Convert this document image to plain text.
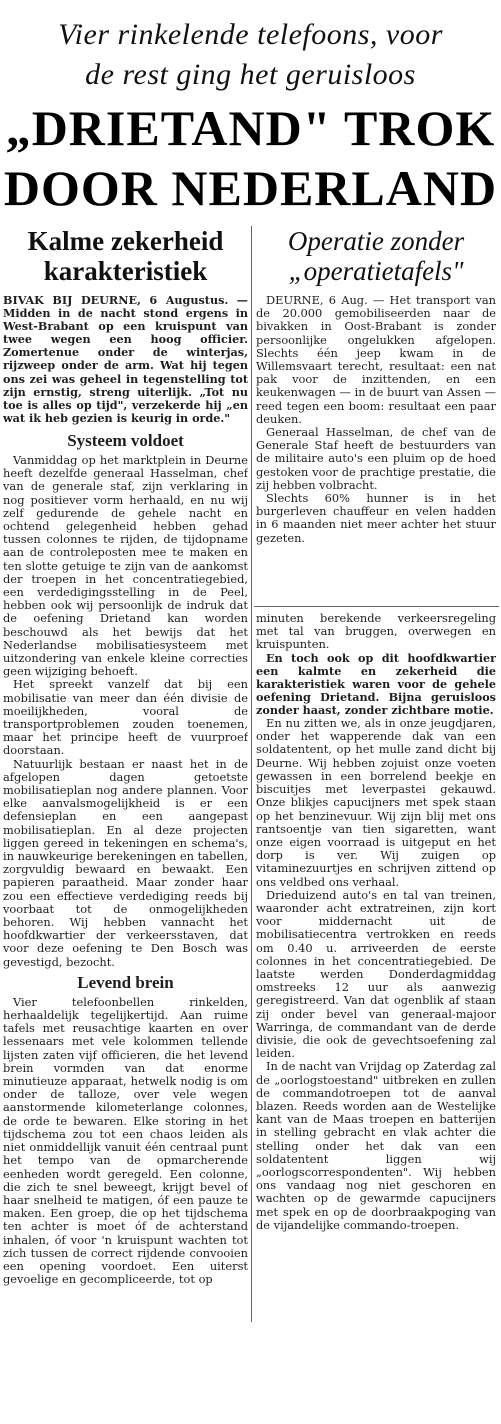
Vier rinkelende telefoons, voor
de rest ging het geruisloos
„DRIETAND" TROK
DOOR NEDERLAND
Kalme zekerheid karakteristiek
BIVAK BIJ DEURNE, 6 Augustus. — Midden in de nacht stond ergens in West-Brabant op een kruispunt van twee wegen een hoog officier. Zomertenue onder de winterjas, rijzweep onder de arm. Wat hij tegen ons zei was geheel in tegenstelling tot zijn ernstig, streng uiterlijk. „Tot nu toe is alles op tijd", verzekerde hij „en wat ik heb gezien is keurig in orde."
Systeem voldoet

Vanmiddag op het marktplein in Deurne heeft dezelfde generaal Hasselman, chef van de generale staf, zijn verklaring in nog positiever vorm herhaald, en nu wij zelf gedurende de gehele nacht en ochtend gelegenheid hebben gehad tussen colonnes te rijden, de tijdopname aan de controleposten mee te maken en ten slotte getuige te zijn van de aankomst der troepen in het concentratiegebied, een verdedigingsstelling in de Peel, hebben ook wij persoonlijk de indruk dat de oefening Drietand kan worden beschouwd als het bewijs dat het Nederlandse mobilisatiesysteem met uitzondering van enkele kleine correcties geen wijziging behoeft.

Het spreekt vanzelf dat bij een mobilisatie van meer dan één divisie de moeilijkheden, vooral de transportproblemen zouden toenemen, maar het principe heeft de vuurproef doorstaan.

Natuurlijk bestaan er naast het in de afgelopen dagen getoetste mobilisatieplan nog andere plannen. Voor elke aanvalsmogelijkheid is er een defensieplan en een aangepast mobilisatieplan. En al deze projecten liggen gereed in tekeningen en schema's, in nauwkeurige berekeningen en tabellen, zorgvuldig bewaard en bewaakt. Een papieren paraatheid. Maar zonder haar zou een effectieve verdediging reeds bij voorbaat tot de onmogelijkheden behoren. Wij hebben vannacht het hoofdkwartier der verkeersstaven, dat voor deze oefening te Den Bosch was gevestigd, bezocht.

Levend brein

Vier telefoonbellen rinkelden, herhaaldelijk tegelijkertijd. Aan ruime tafels met reusachtige kaarten en over lessenaars met vele kolommen tellende lijsten zaten vijf officieren, die het levend brein vormden van dat enorme minutieuze apparaat, hetwelk nodig is om onder de talloze, over vele wegen aanstormende kilometerlange colonnes, de orde te bewaren. Elke storing in het tijdschema zou tot een chaos leiden als niet onmiddellijk vanuit één centraal punt het tempo van de opmarcherende eenheden wordt geregeld. Een colonne, die zich te snel beweegt, krijgt bevel of haar snelheid te matigen, óf een pauze te maken. Een groep, die op het tijdschema ten achter is moet óf de achterstand inhalen, óf voor 'n kruispunt wachten tot zich tussen de correct rijdende convooien een opening voordoet. Een uiterst gevoelige en gecompliceerde, tot op

Operatie zonder „operatietafels"

DEURNE, 6 Aug. — Het transport van de 20.000 gemobiliseerden naar de bivakken in Oost-Brabant is zonder persoonlijke ongelukken afgelopen. Slechts één jeep kwam in de Willemsvaart terecht, resultaat: een nat pak voor de inzittenden, en een keukenwagen — in de buurt van Assen — reed tegen een boom: resultaat een paar deuken.

Generaal Hasselman, de chef van de Generale Staf heeft de bestuurders van de militaire auto's een pluim op de hoed gestoken voor de prachtige prestatie, die zij hebben volbracht.

Slechts 60% hunner is in het burgerleven chauffeur en velen hadden in 6 maanden niet meer achter het stuur gezeten.

minuten berekende verkeersregeling met tal van bruggen, overwegen en kruispunten.

En toch ook op dit hoofdkwartier een kalmte en zekerheid die karakteristiek waren voor de gehele oefening Drietand. Bijna geruisloos zonder haast, zonder zichtbare motie.

En nu zitten we, als in onze jeugdjaren, onder het wapperende dak van een soldatentent, op het mulle zand dicht bij Deurne. Wij hebben zojuist onze voeten gewassen in een borrelend beekje en biscuitjes met leverpastei gekauwd. Onze blikjes capucijners met spek staan op het benzinevuur. Wij zijn blij met ons rantsoentje van tien sigaretten, want onze eigen voorraad is uitgeput en het dorp is ver. Wij zuigen op vitaminezuurtjes en schrijven zittend op ons veldbed ons verhaal.

Drieduizend auto's en tal van treinen, waaronder acht extratreinen, zijn kort voor middernacht uit de mobilisatiecentra vertrokken en reeds om 0.40 u. arriveerden de eerste colonnes in het concentratiegebied. De laatste werden Donderdagmiddag omstreeks 12 uur als aanwezig geregistreerd. Van dat ogenblik af staan zij onder bevel van generaal-majoor Warringa, de commandant van de derde divisie, die ook de gevechtsoefening zal leiden.

In de nacht van Vrijdag op Zaterdag zal de „oorlogstoestand" uitbreken en zullen de commandotroepen tot de aanval blazen. Reeds worden aan de Westelijke kant van de Maas troepen en batterijen in stelling gebracht en vlak achter die stelling onder het dak van een soldatentent liggen wij „oorlogscorrespondenten". Wij hebben ons vandaag nog niet geschoren en wachten op de gewarmde capucijners met spek en op de doorbraakpoging van de vijandelijke commando-troepen.
